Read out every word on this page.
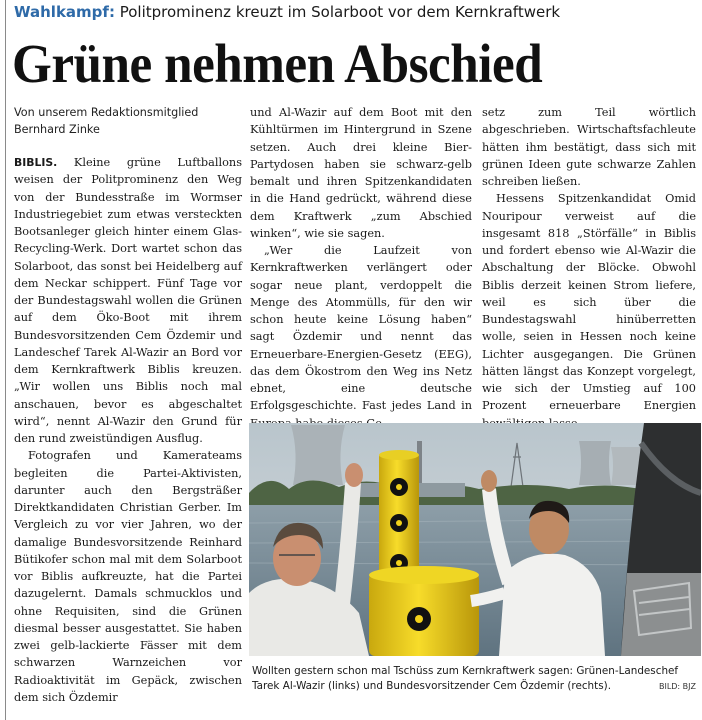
Wahlkampf: Politprominenz kreuzt im Solarboot vor dem Kernkraftwerk
Grüne nehmen Abschied
Von unserem Redaktionsmitglied
Bernhard Zinke

BIBLIS. Kleine grüne Luftballons weisen der Politprominenz den Weg von der Bundesstraße im Wormser Industriegebiet zum etwas versteckten Bootsanleger gleich hinter einem Glas-Recycling-Werk. Dort wartet schon das Solarboot, das sonst bei Heidelberg auf dem Neckar schippert. Fünf Tage vor der Bundestagswahl wollen die Grünen auf dem Öko-Boot mit ihrem Bundesvorsitzenden Cem Özdemir und Landeschef Tarek Al-Wazir an Bord vor dem Kernkraftwerk Biblis kreuzen. „Wir wollen uns Biblis noch mal anschauen, bevor es abgeschaltet wird“, nennt Al-Wazir den Grund für den rund zweistündigen Ausflug.

Fotografen und Kamerateams begleiten die Partei-Aktivisten, darunter auch den Bergsträßer Direktkandidaten Christian Gerber. Im Vergleich zu vor vier Jahren, wo der damalige Bundesvorsitzende Reinhard Bütikofer schon mal mit dem Solarboot vor Biblis aufkreuzte, hat die Partei dazugelernt. Damals schmucklos und ohne Requisiten, sind die Grünen diesmal besser ausgestattet. Sie haben zwei gelb-lackierte Fässer mit dem schwarzen Warnzeichen vor Radioaktivität im Gepäck, zwischen dem sich Özdemir

und Al-Wazir auf dem Boot mit den Kühltürmen im Hintergrund in Szene setzen. Auch drei kleine Bier-Partydosen haben sie schwarz-gelb bemalt und ihren Spitzenkandidaten in die Hand gedrückt, während diese dem Kraftwerk „zum Abschied winken“, wie sie sagen.

„Wer die Laufzeit von Kernkraftwerken verlängert oder sogar neue plant, verdoppelt die Menge des Atommülls, für den wir schon heute keine Lösung haben“ sagt Özdemir und nennt das Erneuerbare-Energien-Gesetz (EEG), das dem Ökostrom den Weg ins Netz ebnet, eine deutsche Erfolgsgeschichte. Fast jedes Land in

setz zum Teil wörtlich abgeschrieben. Wirtschaftsfachleute hätten ihm bestätigt, dass sich mit grünen Ideen gute schwarze Zahlen schreiben ließen.

Hessens Spitzenkandidat Omid Nouripour verweist auf die insgesamt 818 „Störfälle“ in Biblis und fordert ebenso wie Al-Wazir die Abschaltung der Blöcke. Obwohl Biblis derzeit keinen Strom liefere, weil es sich über die Bundestagswahl hinüberretten wolle, seien in Hessen noch keine Lichter ausgegangen. Die Grünen hätten längst das Konzept vorgelegt, wie sich der Umstieg auf 100 Prozent erneuerbare Energien

Wollten gestern schon mal Tschüss zum Kernkraftwerk sagen: Grünen-Landeschef Tarek Al-Wazir (links) und Bundesvorsitzender Cem Özdemir (rechts).	BILD: BJZ
